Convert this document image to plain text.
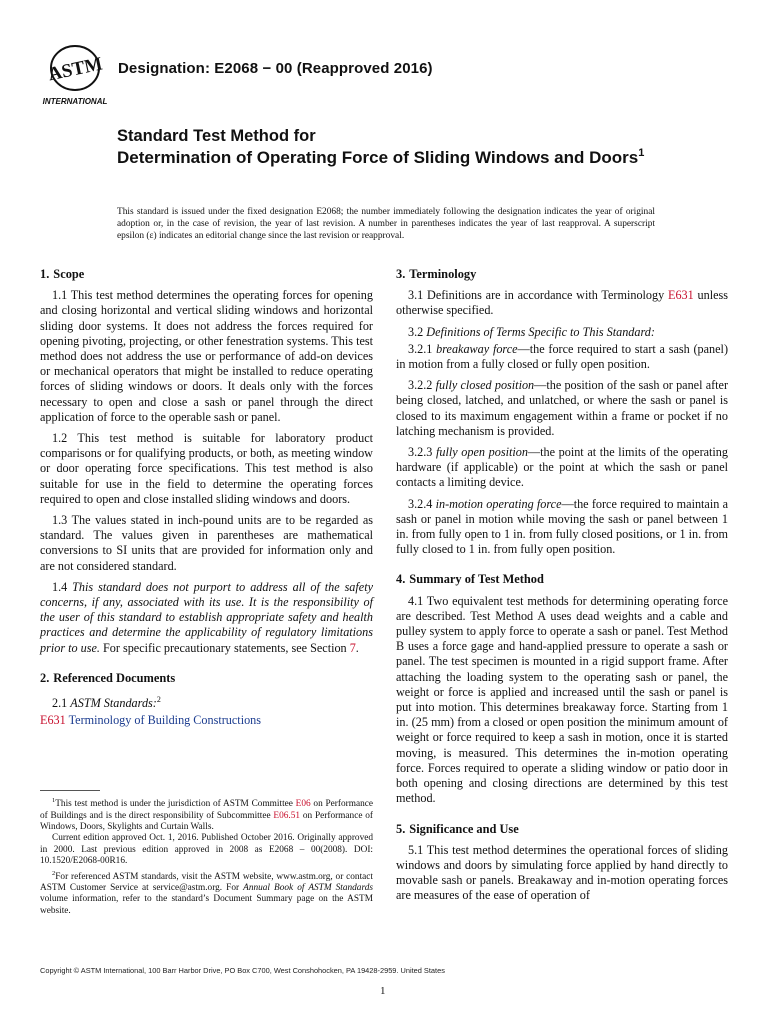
ASTM
INTERNATIONAL
Designation: E2068 − 00 (Reapproved 2016)
Standard Test Method for
Determination of Operating Force of Sliding Windows and Doors$^1$
This standard is issued under the fixed designation E2068; the number immediately following the designation indicates the year of original adoption or, in the case of revision, the year of last revision. A number in parentheses indicates the year of last reapproval. A superscript epsilon (ε) indicates an editorial change since the last revision or reapproval.
1. Scope

1.1 This test method determines the operating forces for opening and closing horizontal and vertical sliding windows and horizontal sliding door systems. It does not address the forces required for opening pivoting, projecting, or other fenestration systems. This test method does not address the use or performance of add-on devices or mechanical operators that might be installed to reduce operating forces of sliding windows or doors. It deals only with the forces necessary to open and close a sash or panel through the direct application of force to the operable sash or panel.

1.2 This test method is suitable for laboratory product comparisons or for qualifying products, or both, as meeting window or door operating force specifications. This test method is also suitable for use in the field to determine the operating forces required to open and close installed sliding windows and doors.

1.3 The values stated in inch-pound units are to be regarded as standard. The values given in parentheses are mathematical conversions to SI units that are provided for information only and are not considered standard.

1.4 This standard does not purport to address all of the safety concerns, if any, associated with its use. It is the responsibility of the user of this standard to establish appropriate safety and health practices and determine the applicability of regulatory limitations prior to use. For specific precautionary statements, see Section 7.

2. Referenced Documents

2.1 ASTM Standards:$^2$

E631 Terminology of Building Constructions

$^1$This test method is under the jurisdiction of ASTM Committee E06 on Performance of Buildings and is the direct responsibility of Subcommittee E06.51 on Performance of Windows, Doors, Skylights and Curtain Walls.

Current edition approved Oct. 1, 2016. Published October 2016. Originally approved in 2000. Last previous edition approved in 2008 as E2068 – 00(2008). DOI: 10.1520/E2068-00R16.

$^2$For referenced ASTM standards, visit the ASTM website, www.astm.org, or contact ASTM Customer Service at service@astm.org. For Annual Book of ASTM Standards volume information, refer to the standard’s Document Summary page on the ASTM website.

3. Terminology

3.1 Definitions are in accordance with Terminology E631 unless otherwise specified.

3.2 Definitions of Terms Specific to This Standard:

3.2.1 breakaway force—the force required to start a sash (panel) in motion from a fully closed or fully open position.

3.2.2 fully closed position—the position of the sash or panel after being closed, latched, and unlatched, or where the sash or panel is closed to its maximum engagement within a frame or pocket if no latching mechanism is provided.

3.2.3 fully open position—the point at the limits of the operating hardware (if applicable) or the point at which the sash or panel contacts a limiting device.

3.2.4 in-motion operating force—the force required to maintain a sash or panel in motion while moving the sash or panel between 1 in. from fully open to 1 in. from fully closed positions, or 1 in. from fully closed to 1 in. from fully open position.

4. Summary of Test Method

4.1 Two equivalent test methods for determining operating force are described. Test Method A uses dead weights and a cable and pulley system to apply force to operate a sash or panel. Test Method B uses a force gage and hand-applied pressure to operate a sash or panel. The test specimen is mounted in a rigid support frame. After attaching the loading system to the operating sash or panel, the weight or force is applied and increased until the sash or panel is put into motion. This determines breakaway force. Starting from 1 in. (25 mm) from a closed or open position the minimum amount of weight or force required to keep a sash in motion, once it is started moving, is measured. This determines the in-motion operating force. Forces required to operate a sliding window or patio door in both opening and closing directions are determined by this test method.

5. Significance and Use

5.1 This test method determines the operational forces of sliding windows and doors by simulating force applied by hand directly to movable sash or panels. Breakaway and in-motion operating forces are measures of the ease of operation of

Copyright © ASTM International, 100 Barr Harbor Drive, PO Box C700, West Conshohocken, PA 19428-2959. United States
1
